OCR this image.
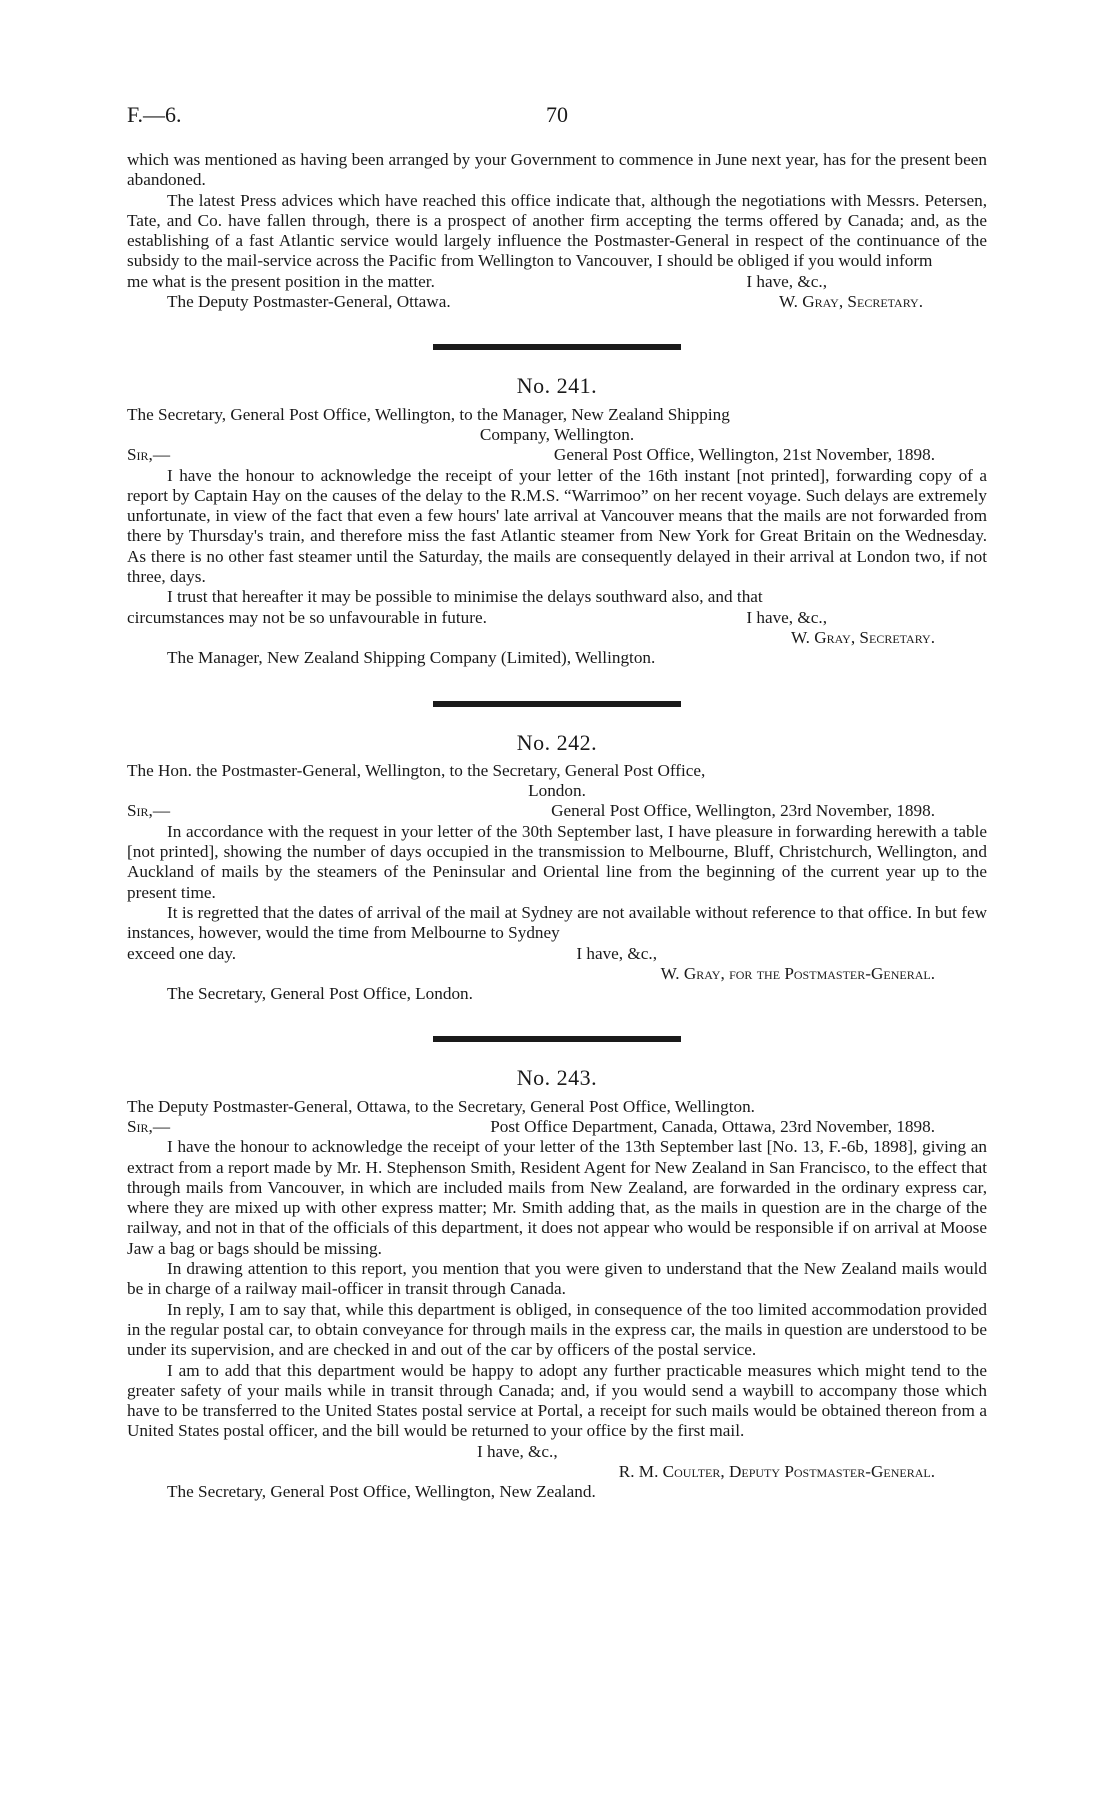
F.—6.	70

which was mentioned as having been arranged by your Government to commence in June next year, has for the present been abandoned.

The latest Press advices which have reached this office indicate that, although the negotiations with Messrs. Petersen, Tate, and Co. have fallen through, there is a prospect of another firm accepting the terms offered by Canada; and, as the establishing of a fast Atlantic service would largely influence the Postmaster-General in respect of the continuance of the subsidy to the mail-service across the Pacific from Wellington to Vancouver, I should be obliged if you would inform

me what is the present position in the matter.	I have, &c.,
The Deputy Postmaster-General, Ottawa.	W. Gray, Secretary.
No. 241.

The Secretary, General Post Office, Wellington, to the Manager, New Zealand Shipping

Company, Wellington.

Sir,—	General Post Office, Wellington, 21st November, 1898.

I have the honour to acknowledge the receipt of your letter of the 16th instant [not printed], forwarding copy of a report by Captain Hay on the causes of the delay to the R.M.S. “Warrimoo” on her recent voyage. Such delays are extremely unfortunate, in view of the fact that even a few hours' late arrival at Vancouver means that the mails are not forwarded from there by Thursday's train, and therefore miss the fast Atlantic steamer from New York for Great Britain on the Wednesday. As there is no other fast steamer until the Saturday, the mails are consequently delayed in their arrival at London two, if not three, days.

I trust that hereafter it may be possible to minimise the delays southward also, and that

circumstances may not be so unfavourable in future.	I have, &c.,
W. Gray, Secretary.
The Manager, New Zealand Shipping Company (Limited), Wellington.
No. 242.

The Hon. the Postmaster-General, Wellington, to the Secretary, General Post Office,

London.

Sir,—	General Post Office, Wellington, 23rd November, 1898.

In accordance with the request in your letter of the 30th September last, I have pleasure in forwarding herewith a table [not printed], showing the number of days occupied in the transmission to Melbourne, Bluff, Christchurch, Wellington, and Auckland of mails by the steamers of the Peninsular and Oriental line from the beginning of the current year up to the present time.

It is regretted that the dates of arrival of the mail at Sydney are not available without reference to that office. In but few instances, however, would the time from Melbourne to Sydney

exceed one day.	I have, &c.,
W. Gray, for the Postmaster-General.
The Secretary, General Post Office, London.
No. 243.

The Deputy Postmaster-General, Ottawa, to the Secretary, General Post Office, Wellington.

Sir,—	Post Office Department, Canada, Ottawa, 23rd November, 1898.

I have the honour to acknowledge the receipt of your letter of the 13th September last [No. 13, F.-6b, 1898], giving an extract from a report made by Mr. H. Stephenson Smith, Resident Agent for New Zealand in San Francisco, to the effect that through mails from Vancouver, in which are included mails from New Zealand, are forwarded in the ordinary express car, where they are mixed up with other express matter; Mr. Smith adding that, as the mails in question are in the charge of the railway, and not in that of the officials of this department, it does not appear who would be responsible if on arrival at Moose Jaw a bag or bags should be missing.

In drawing attention to this report, you mention that you were given to understand that the New Zealand mails would be in charge of a railway mail-officer in transit through Canada.

In reply, I am to say that, while this department is obliged, in consequence of the too limited accommodation provided in the regular postal car, to obtain conveyance for through mails in the express car, the mails in question are understood to be under its supervision, and are checked in and out of the car by officers of the postal service.

I am to add that this department would be happy to adopt any further practicable measures which might tend to the greater safety of your mails while in transit through Canada; and, if you would send a waybill to accompany those which have to be transferred to the United States postal service at Portal, a receipt for such mails would be obtained thereon from a United States postal officer, and the bill would be returned to your office by the first mail.

I have, &c.,
R. M. Coulter, Deputy Postmaster-General.
The Secretary, General Post Office, Wellington, New Zealand.
